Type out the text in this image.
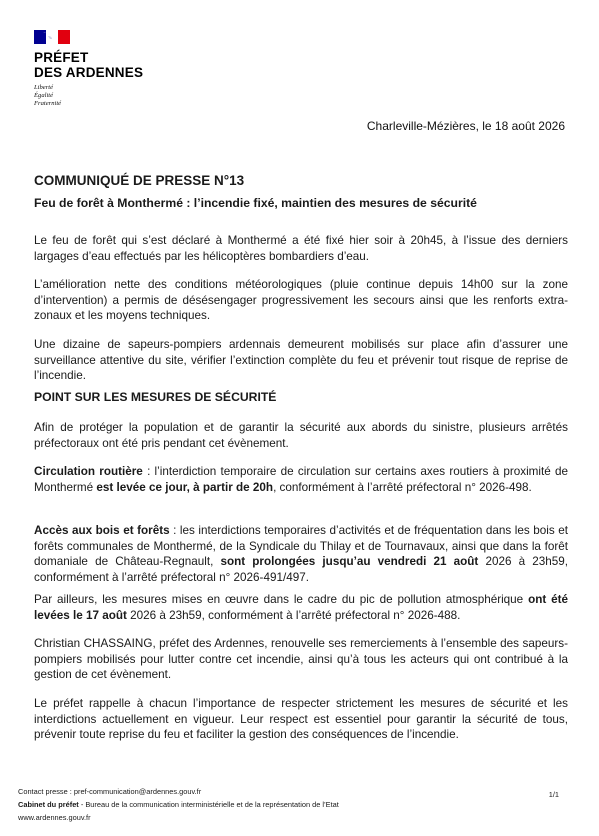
PRÉFET
DES ARDENNES
Liberté
Égalité
Fraternité
Charleville-Mézières, le 18 août 2026
COMMUNIQUÉ DE PRESSE N°13
Feu de forêt à Monthermé : l’incendie fixé, maintien des mesures de sécurité
Le feu de forêt qui s’est déclaré à Monthermé a été fixé hier soir à 20h45, à l’issue des derniers largages d’eau effectués par les hélicoptères bombardiers d’eau.
L’amélioration nette des conditions météorologiques (pluie continue depuis 14h00 sur la zone d’intervention) a permis de désésengager progressivement les secours ainsi que les renforts extra-zonaux et les moyens techniques.
Une dizaine de sapeurs-pompiers ardennais demeurent mobilisés sur place afin d’assurer une surveillance attentive du site, vérifier l’extinction complète du feu et prévenir tout risque de reprise de l’incendie.
POINT SUR LES MESURES DE SÉCURITÉ
Afin de protéger la population et de garantir la sécurité aux abords du sinistre, plusieurs arrêtés préfectoraux ont été pris pendant cet évènement.
Circulation routière : l’interdiction temporaire de circulation sur certains axes routiers à proximité de Monthermé est levée ce jour, à partir de 20h, conformément à l’arrêté préfectoral n° 2026-498.
Accès aux bois et forêts : les interdictions temporaires d’activités et de fréquentation dans les bois et forêts communales de Monthermé, de la Syndicale du Thilay et de Tournavaux, ainsi que dans la forêt domaniale de Château-Regnault, sont prolongées jusqu’au vendredi 21 août 2026 à 23h59, conformément à l’arrêté préfectoral n° 2026-491/497.
Par ailleurs, les mesures mises en œuvre dans le cadre du pic de pollution atmosphérique ont été levées le 17 août 2026 à 23h59, conformément à l’arrêté préfectoral n° 2026-488.
Christian CHASSAING, préfet des Ardennes, renouvelle ses remerciements à l’ensemble des sapeurs-pompiers mobilisés pour lutter contre cet incendie, ainsi qu’à tous les acteurs qui ont contribué à la gestion de cet évènement.
Le préfet rappelle à chacun l’importance de respecter strictement les mesures de sécurité et les interdictions actuellement en vigueur. Leur respect est essentiel pour garantir la sécurité de tous, prévenir toute reprise du feu et faciliter la gestion des conséquences de l’incendie.
Contact presse : pref-communication@ardennes.gouv.fr	1/1
Cabinet du préfet - Bureau de la communication interministérielle et de la représentation de l’Etat
www.ardennes.gouv.fr
